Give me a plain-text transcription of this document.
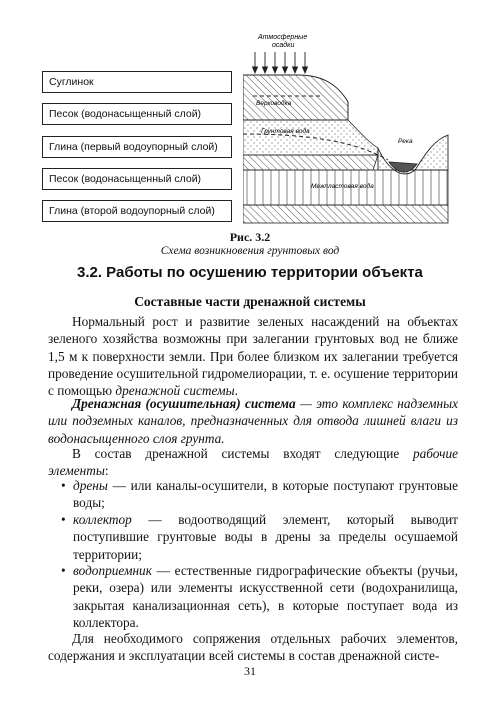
Суглинок
Песок (водонасыщенный слой)
Глина (первый водоупорный слой)
Песок (водонасыщенный слой)
Глина (второй водоупорный слой)
Атмосферные
осадки
Верховодка
Грунтовая вода
Река
Межпластовая вода
Рис. 3.2
Схема возникновения грунтовых вод
3.2. Работы по осушению территории объекта
Составные части дренажной системы

Нормальный рост и развитие зеленых насаждений на объектах зеленого хозяйства возможны при залегании грунтовых вод не ближе 1,5 м к поверхности земли. При более близком их залегании требуется проведение осушительной гидромелиорации, т. е. осушение территории с помощью дренажной системы.

Дренажная (осушительная) система — это комплекс надземных или подземных каналов, предназначенных для отвода лишней влаги из водонасыщенного слоя грунта.

В состав дренажной системы входят следующие рабочие элементы:

• дрены — или каналы-осушители, в которые поступают грунтовые воды;

• коллектор — водоотводящий элемент, который выводит поступившие грунтовые воды в дрены за пределы осушаемой территории;

• водоприемник — естественные гидрографические объекты (ручьи, реки, озера) или элементы искусственной сети (водохранилища, закрытая канализационная сеть), в которые поступает вода из коллектора.

Для необходимого сопряжения отдельных рабочих элементов, содержания и эксплуатации всей системы в состав дренажной систе-

31
